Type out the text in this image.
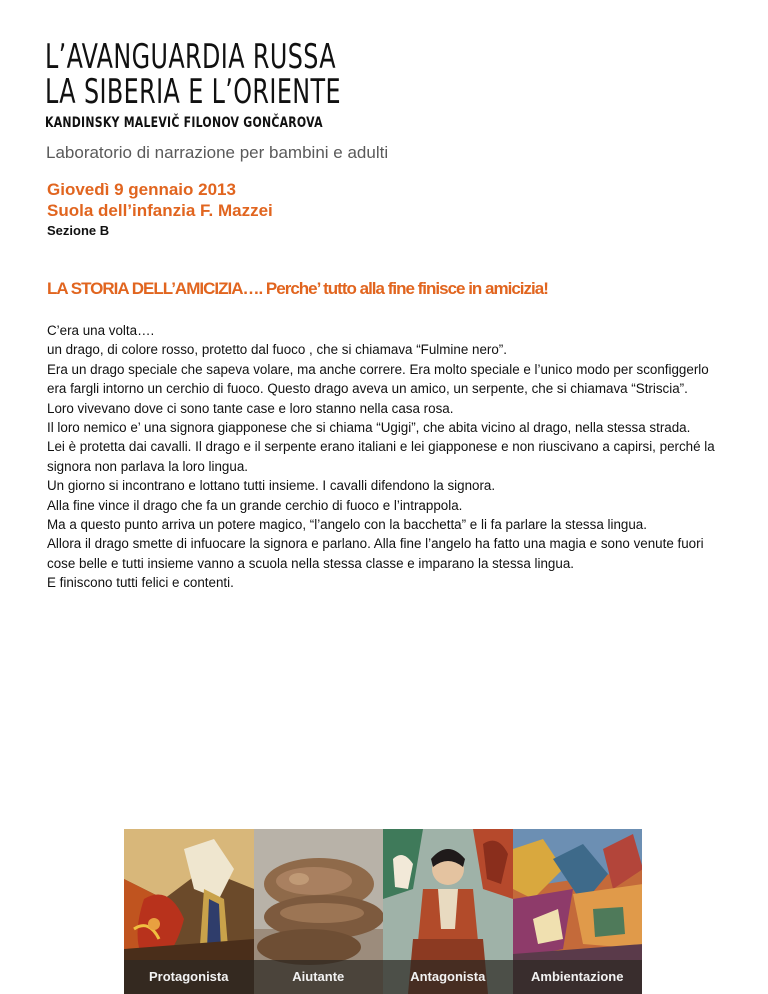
L’AVANGUARDIA RUSSA
LA SIBERIA E L’ORIENTE
KANDINSKY MALEVIČ FILONOV GONČAROVA
Laboratorio di narrazione per bambini e adulti
Giovedì 9 gennaio 2013
Suola dell’infanzia F. Mazzei
Sezione B
LA STORIA DELL’AMICIZIA…. Perche’ tutto alla fine finisce in amicizia!

C’era una volta….

un drago, di colore rosso, protetto dal fuoco , che si chiamava “Fulmine nero”.

Era un drago speciale che sapeva volare, ma anche correre. Era molto speciale e l’unico modo per sconfiggerlo era fargli intorno un cerchio di fuoco. Questo drago aveva un amico, un serpente, che si chiamava “Striscia”.

Loro vivevano dove ci sono tante case e loro stanno nella casa rosa.

Il loro nemico e’ una signora giapponese che si chiama “Ugigi”, che abita vicino al drago, nella stessa strada.

Lei è protetta dai cavalli. Il drago e il serpente erano italiani e lei giapponese e non riuscivano a capirsi, perché la signora non parlava la loro lingua.

Un giorno si incontrano e lottano tutti insieme. I cavalli difendono la signora.

Alla fine vince il drago che fa un grande cerchio di fuoco e l’intrappola.

Ma a questo punto arriva un potere magico, “l’angelo con la bacchetta” e li fa parlare la stessa lingua.

Allora il drago smette di infuocare la signora e parlano. Alla fine l’angelo ha fatto una magia e sono venute fuori cose belle e tutti insieme vanno a scuola nella stessa classe e imparano la stessa lingua.

E finiscono tutti felici e contenti.

Protagonista	Aiutante	Antagonista	Ambientazione
